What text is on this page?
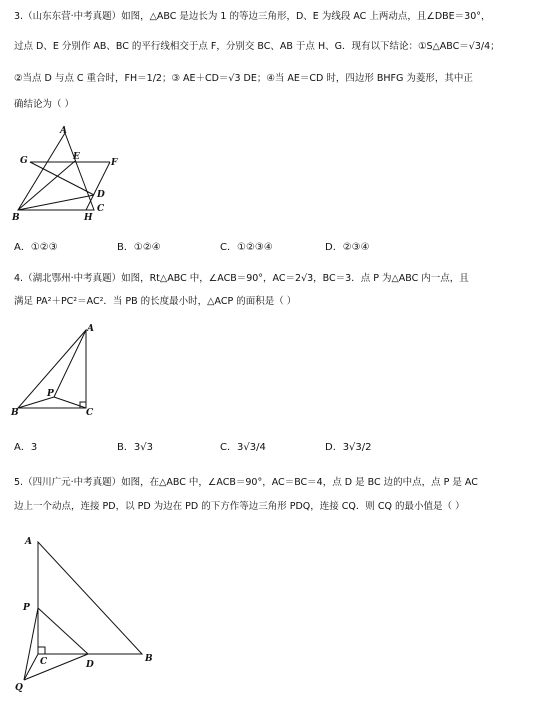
3.（山东东营·中考真题）如图，△ABC 是边长为 1 的等边三角形，D、E 为线段 AC 上两动点，且∠DBE＝30°，
过点 D、E 分别作 AB、BC 的平行线相交于点 F，分别交 BC、AB 于点 H、G．现有以下结论：①S△ABC＝√3/4；
②当点 D 与点 C 重合时，FH＝1/2；③ AE＋CD＝√3 DE；④当 AE＝CD 时，四边形 BHFG 为菱形，其中正
确结论为（ ）
A
G	E
F
D
C
H
B
A．①②③	B．①②④	C．①②③④	D．②③④
4.（湖北鄂州·中考真题）如图，Rt△ABC 中，∠ACB＝90°，AC＝2√3，BC＝3．点 P 为△ABC 内一点，且
满足 PA²＋PC²＝AC²．当 PB 的长度最小时，△ACP 的面积是（ ）
A
P
B	C
A．3	B．3√3	C．3√3/4	D．3√3/2
5.（四川广元·中考真题）如图，在△ABC 中，∠ACB＝90°，AC＝BC＝4，点 D 是 BC 边的中点，点 P 是 AC
边上一个动点，连接 PD，以 PD 为边在 PD 的下方作等边三角形 PDQ，连接 CQ．则 CQ 的最小值是（ ）
A
P
C	D
B
Q
